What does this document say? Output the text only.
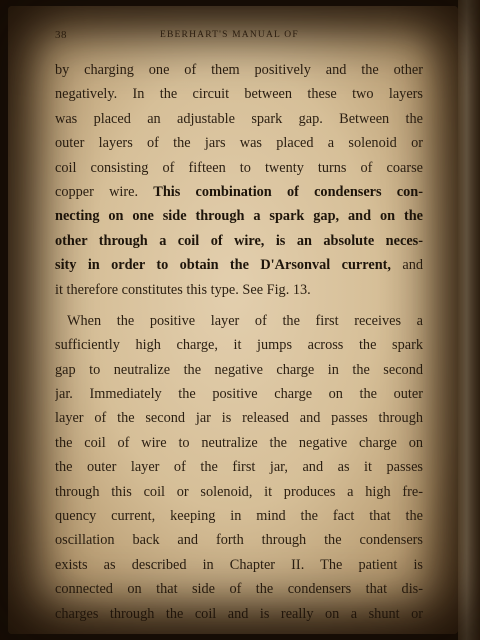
38	EBERHART'S MANUAL OF
by charging one of them positively and the other
negatively. In the circuit between these two layers
was placed an adjustable spark gap. Between the
outer layers of the jars was placed a solenoid or
coil consisting of fifteen to twenty turns of coarse
copper wire. This combination of condensers con-
necting on one side through a spark gap, and on the
other through a coil of wire, is an absolute neces-
sity in order to obtain the D'Arsonval current, and
it therefore constitutes this type. See Fig. 13.
When the positive layer of the first receives a
sufficiently high charge, it jumps across the spark
gap to neutralize the negative charge in the second
jar. Immediately the positive charge on the outer
layer of the second jar is released and passes through
the coil of wire to neutralize the negative charge on
the outer layer of the first jar, and as it passes
through this coil or solenoid, it produces a high fre-
quency current, keeping in mind the fact that the
oscillation back and forth through the condensers
exists as described in Chapter II. The patient is
connected on that side of the condensers that dis-
charges through the coil and is really on a shunt or
